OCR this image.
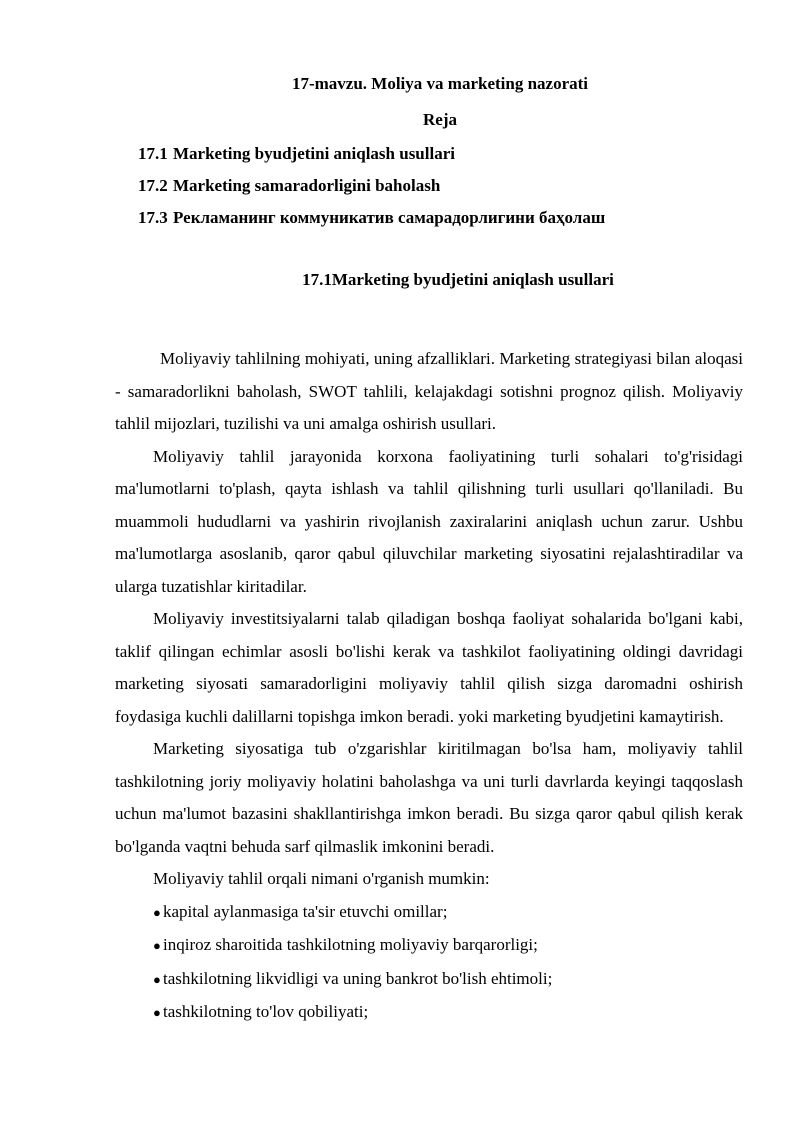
17-mavzu. Moliya va marketing nazorati
Reja
17.1 Marketing byudjetini aniqlash usullari
17.2 Marketing samaradorligini baholash
17.3 Рекламанинг коммуникатив самарадорлигини баҳолаш
17.1Marketing byudjetini aniqlash usullari

Moliyaviy tahlilning mohiyati, uning afzalliklari. Marketing strategiyasi bilan aloqasi - samaradorlikni baholash, SWOT tahlili, kelajakdagi sotishni prognoz qilish. Moliyaviy tahlil mijozlari, tuzilishi va uni amalga oshirish usullari.

Moliyaviy tahlil jarayonida korxona faoliyatining turli sohalari to'g'risidagi ma'lumotlarni to'plash, qayta ishlash va tahlil qilishning turli usullari qo'llaniladi. Bu muammoli hududlarni va yashirin rivojlanish zaxiralarini aniqlash uchun zarur. Ushbu ma'lumotlarga asoslanib, qaror qabul qiluvchilar marketing siyosatini rejalashtiradilar va ularga tuzatishlar kiritadilar.

Moliyaviy investitsiyalarni talab qiladigan boshqa faoliyat sohalarida bo'lgani kabi, taklif qilingan echimlar asosli bo'lishi kerak va tashkilot faoliyatining oldingi davridagi marketing siyosati samaradorligini moliyaviy tahlil qilish sizga daromadni oshirish foydasiga kuchli dalillarni topishga imkon beradi. yoki marketing byudjetini kamaytirish.

Marketing siyosatiga tub o'zgarishlar kiritilmagan bo'lsa ham, moliyaviy tahlil tashkilotning joriy moliyaviy holatini baholashga va uni turli davrlarda keyingi taqqoslash uchun ma'lumot bazasini shakllantirishga imkon beradi. Bu sizga qaror qabul qilish kerak bo'lganda vaqtni behuda sarf qilmaslik imkonini beradi.

Moliyaviy tahlil orqali nimani o'rganish mumkin:

● kapital aylanmasiga ta'sir etuvchi omillar;
● inqiroz sharoitida tashkilotning moliyaviy barqarorligi;
● tashkilotning likvidligi va uning bankrot bo'lish ehtimoli;
● tashkilotning to'lov qobiliyati;
